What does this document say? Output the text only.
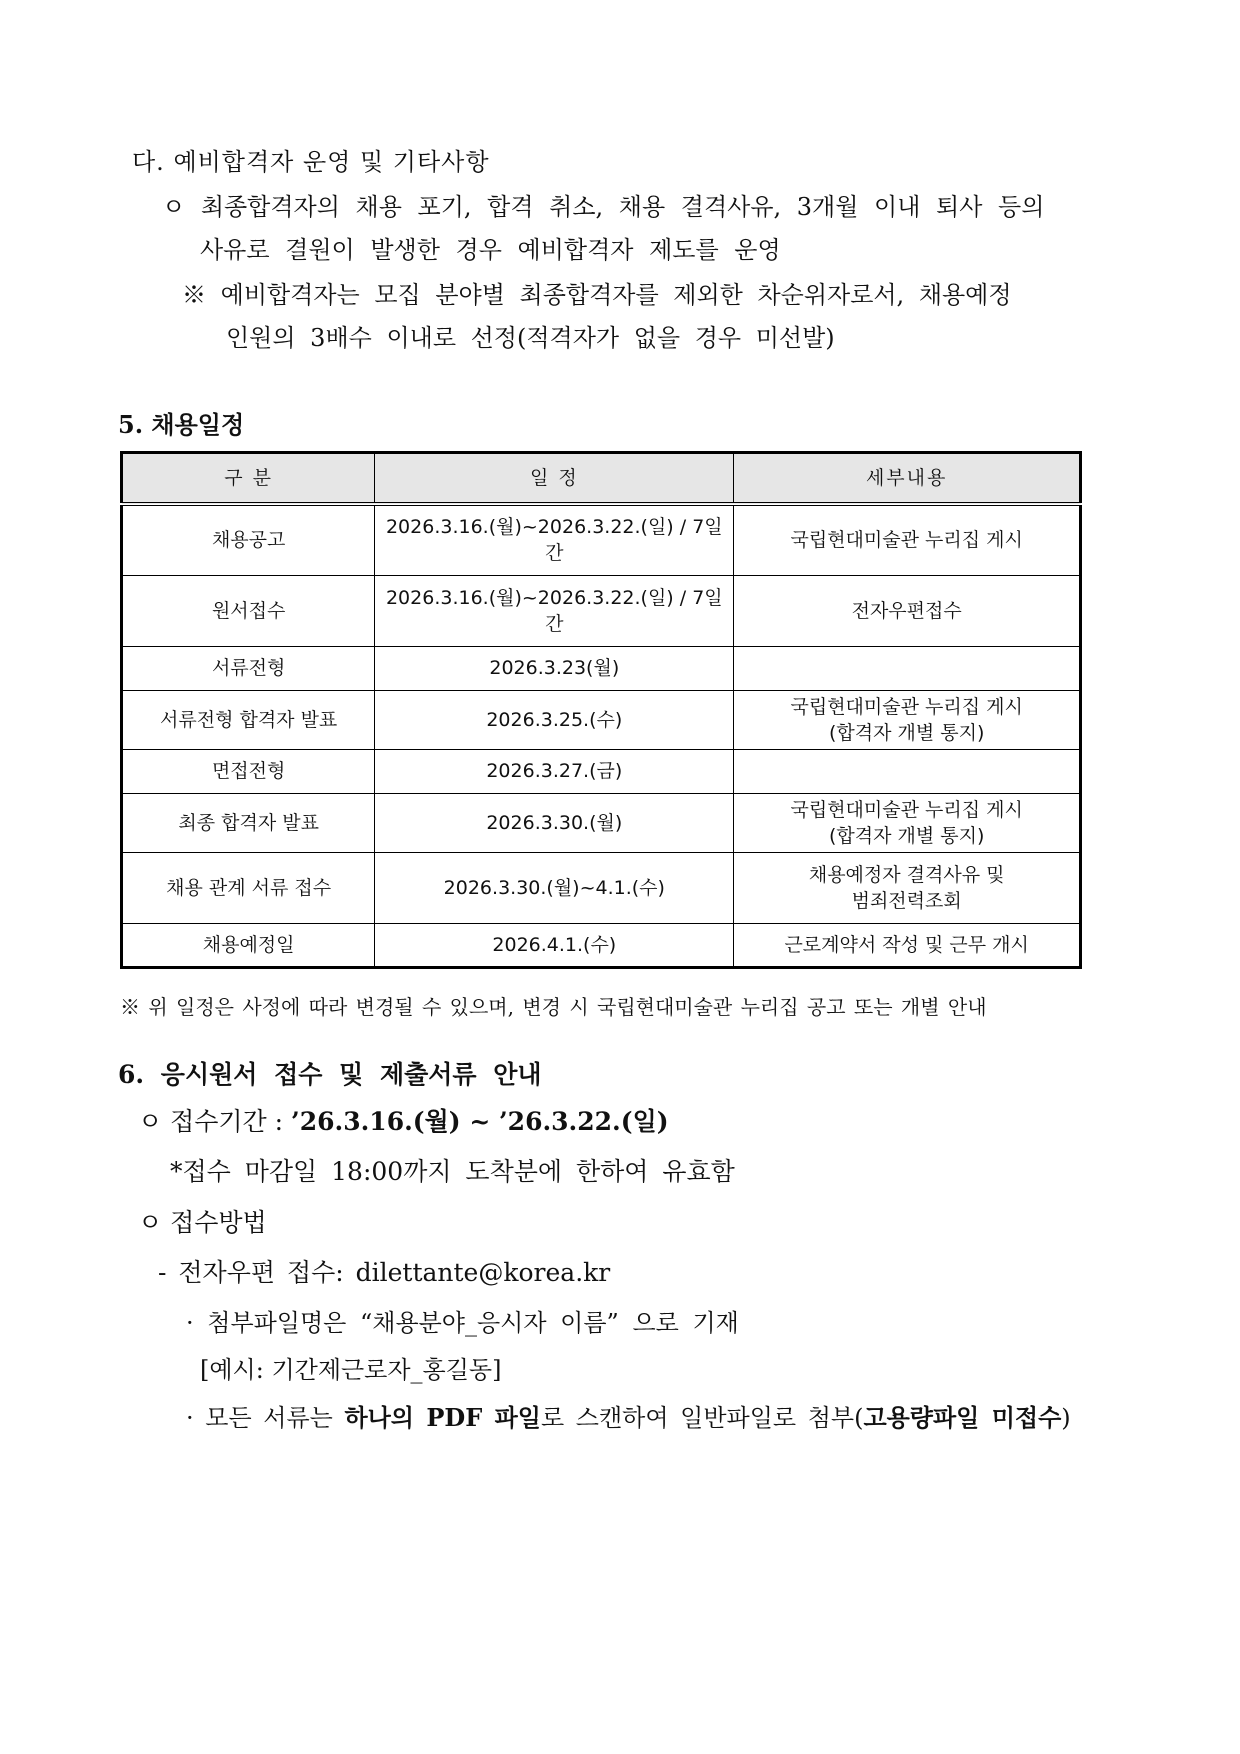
다. 예비합격자 운영 및 기타사항
ㅇ 최종합격자의 채용 포기, 합격 취소, 채용 결격사유, 3개월 이내 퇴사 등의
사유로 결원이 발생한 경우 예비합격자 제도를 운영
※ 예비합격자는 모집 분야별 최종합격자를 제외한 차순위자로서, 채용예정
인원의 3배수 이내로 선정(적격자가 없을 경우 미선발)
5. 채용일정
구 분	일 정	세부내용
채용공고	2026.3.16.(월)~2026.3.22.(일) / 7일간	국립현대미술관 누리집 게시

원서접수	2026.3.16.(월)~2026.3.22.(일) / 7일간	전자우편접수

서류전형	2026.3.23(월)	
서류전형 합격자 발표	2026.3.25.(수)	국립현대미술관 누리집 게시
(합격자 개별 통지)

면접전형	2026.3.27.(금)	
최종 합격자 발표	2026.3.30.(월)	국립현대미술관 누리집 게시
(합격자 개별 통지)

채용 관계 서류 접수	2026.3.30.(월)~4.1.(수)	채용예정자 결격사유 및
범죄전력조회

채용예정일	2026.4.1.(수)	근로계약서 작성 및 근무 개시
※ 위 일정은 사정에 따라 변경될 수 있으며, 변경 시 국립현대미술관 누리집 공고 또는 개별 안내
6. 응시원서 접수 및 제출서류 안내
ㅇ 접수기간 : ’26.3.16.(월) ~ ’26.3.22.(일)
*접수 마감일 18:00까지 도착분에 한하여 유효함
ㅇ 접수방법
- 전자우편 접수: dilettante@korea.kr
· 첨부파일명은 “채용분야_응시자 이름” 으로 기재
[예시: 기간제근로자_홍길동]
· 모든 서류는 하나의 PDF 파일로 스캔하여 일반파일로 첨부(고용량파일 미접수)
